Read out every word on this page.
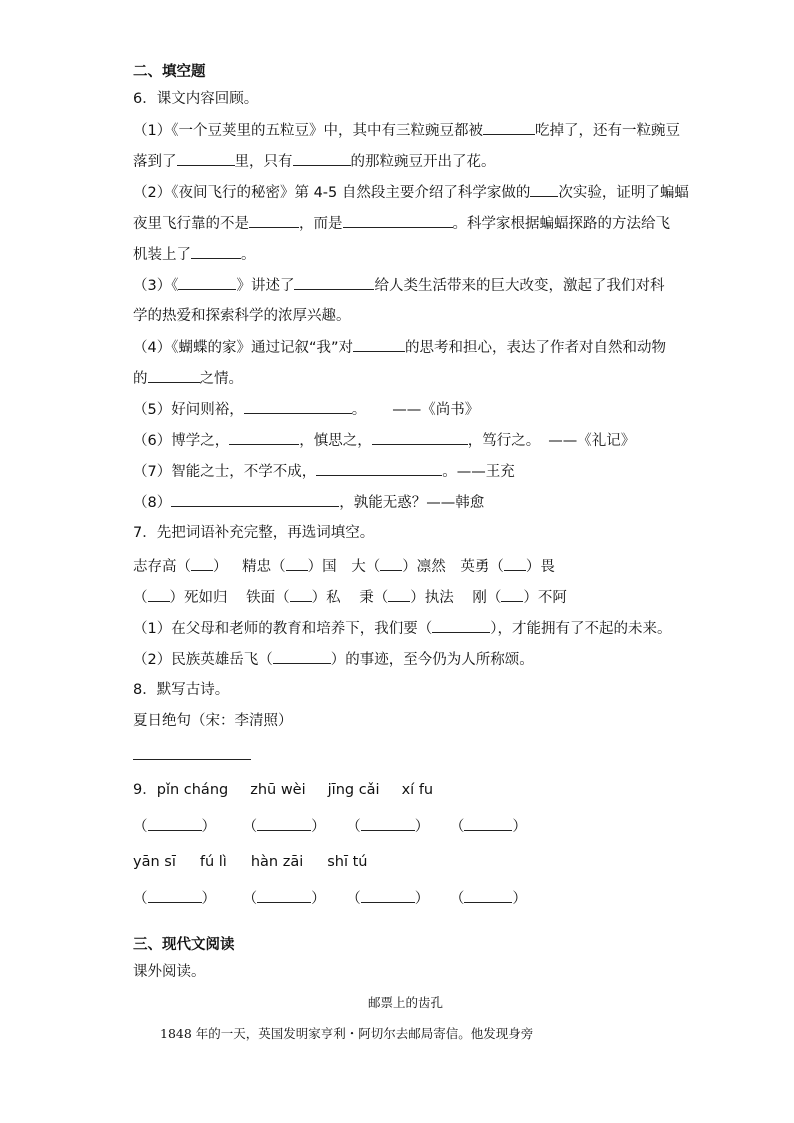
二、填空题
6．课文内容回顾。
（1）《一个豆荚里的五粒豆》中，其中有三粒豌豆都被	吃掉了，还有一粒豌豆
落到了	里，只有	的那粒豌豆开出了花。
（2）《夜间飞行的秘密》第 4-5 自然段主要介绍了科学家做的 次实验，证明了蝙蝠
夜里飞行靠的不是	，而是	。科学家根据蝙蝠探路的方法给飞
机装上了	。
（3）《	》讲述了	给人类生活带来的巨大改变，激起了我们对科
学的热爱和探索科学的浓厚兴趣。
（4）《蝴蝶的家》通过记叙“我”对	的思考和担心，表达了作者对自然和动物
的	之情。
（5）好问则裕，	。 ——《尚书》
（6）博学之，	，慎思之，	，笃行之。 ——《礼记》
（7）智能之士，不学不成，	。——王充
（8）	，孰能无惑？——韩愈
7．先把词语补充完整，再选词填空。
志存高（ ） 精忠（ ）国 大（ ）凛然 英勇（ ）畏
（ ）死如归 铁面（ ）私 秉（ ）执法 刚（ ）不阿
（1）在父母和老师的教育和培养下，我们要（	），才能拥有了不起的未来。
（2）民族英雄岳飞（	）的事迹，至今仍为人所称颂。
8．默写古诗。
夏日绝句（宋：李清照）
9．pǐn cháng zhū wèi jīng cǎi xí fu
（	） （	） （	） （	）
yān sī fú lì hàn zāi shī tú
（	） （	） （	） （	）
三、现代文阅读
课外阅读。
邮票上的齿孔
1848 年的一天，英国发明家亨利・阿切尔去邮局寄信。他发现身旁
